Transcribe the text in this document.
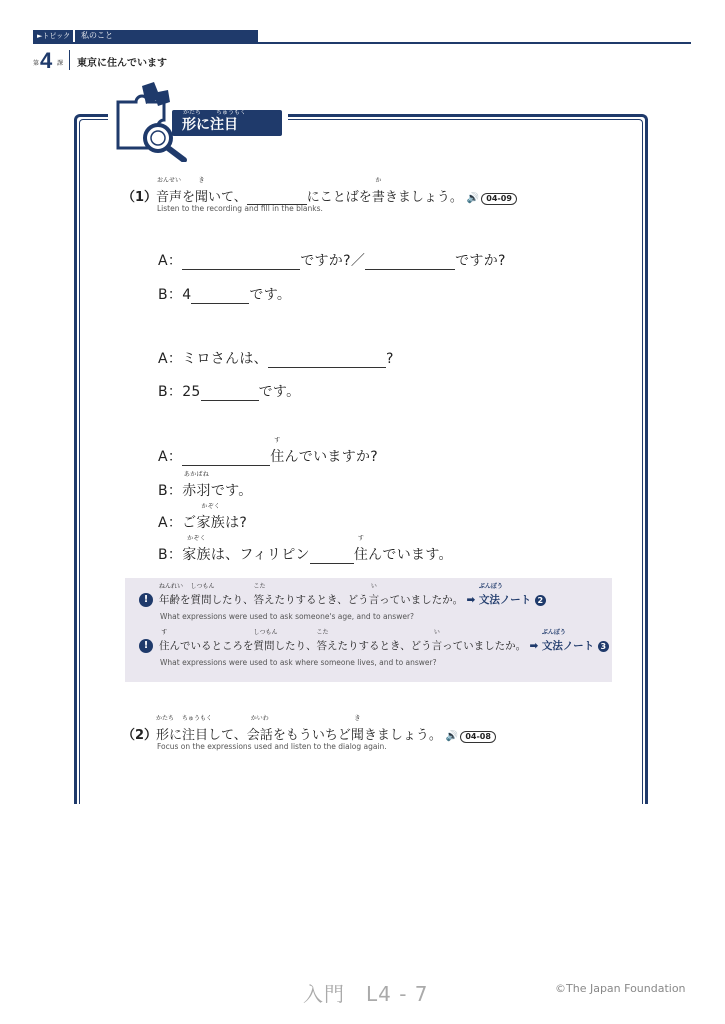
►トピック	私のこと
第 4 課 東京に住んでいます
かたち ちゅうもく
形に注目
（1）
おんせい
音声を
き
聞いて、	にことばを
か
書きましょう。 🔊 04-09
Listen to the recording and fill in the blanks.
A：	ですか?／	ですか?
B：4	です。
A：ミロさんは、	?
B：25	です。
A：
す
住んでいますか?
B：
あかばね
赤羽です。
A：ご
かぞく
家族は?
B：
かぞく
家族は、フィリピン
す
住んでいます。
!
ねんれい
年齢を
しつもん
質問したり、
こた
答えたりするとき、どう
い
言っていましたか。 ➡
ぶんぽう
文法ノート 2
What expressions were used to ask someone's age, and to answer?
!
す
住んでいるところを
しつもん
質問したり、
こた
答えたりするとき、どう
い
言っていましたか。 ➡
ぶんぽう
文法ノート 3
What expressions were used to ask where someone lives, and to answer?
（2）
かたち
形に
ちゅうもく
注目して、
かいわ
会話をもういちど
き
聞きましょう。 🔊 04-08
Focus on the expressions used and listen to the dialog again.
入門　L4 - 7	©The Japan Foundation
